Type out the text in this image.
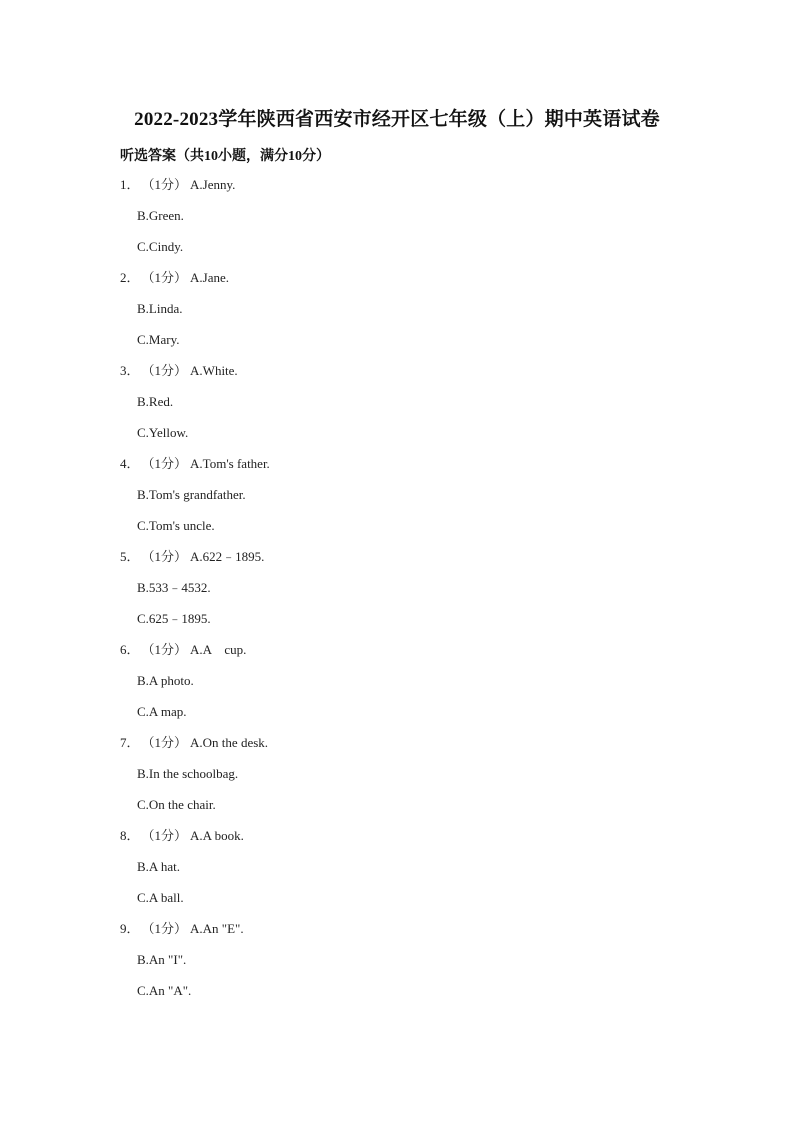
2022-2023学年陕西省西安市经开区七年级（上）期中英语试卷
听选答案（共10小题，满分10分）
1． （1分） A.Jenny.
B.Green.
C.Cindy.
2． （1分） A.Jane.
B.Linda.
C.Mary.
3． （1分） A.White.
B.Red.
C.Yellow.
4． （1分） A.Tom's father.
B.Tom's grandfather.
C.Tom's uncle.
5． （1分） A.622﹣1895.
B.533﹣4532.
C.625﹣1895.
6． （1分） A.A    cup.
B.A photo.
C.A map.
7． （1分） A.On the desk.
B.In the schoolbag.
C.On the chair.
8． （1分） A.A book.
B.A hat.
C.A ball.
9． （1分） A.An "E".
B.An "I".
C.An "A".
